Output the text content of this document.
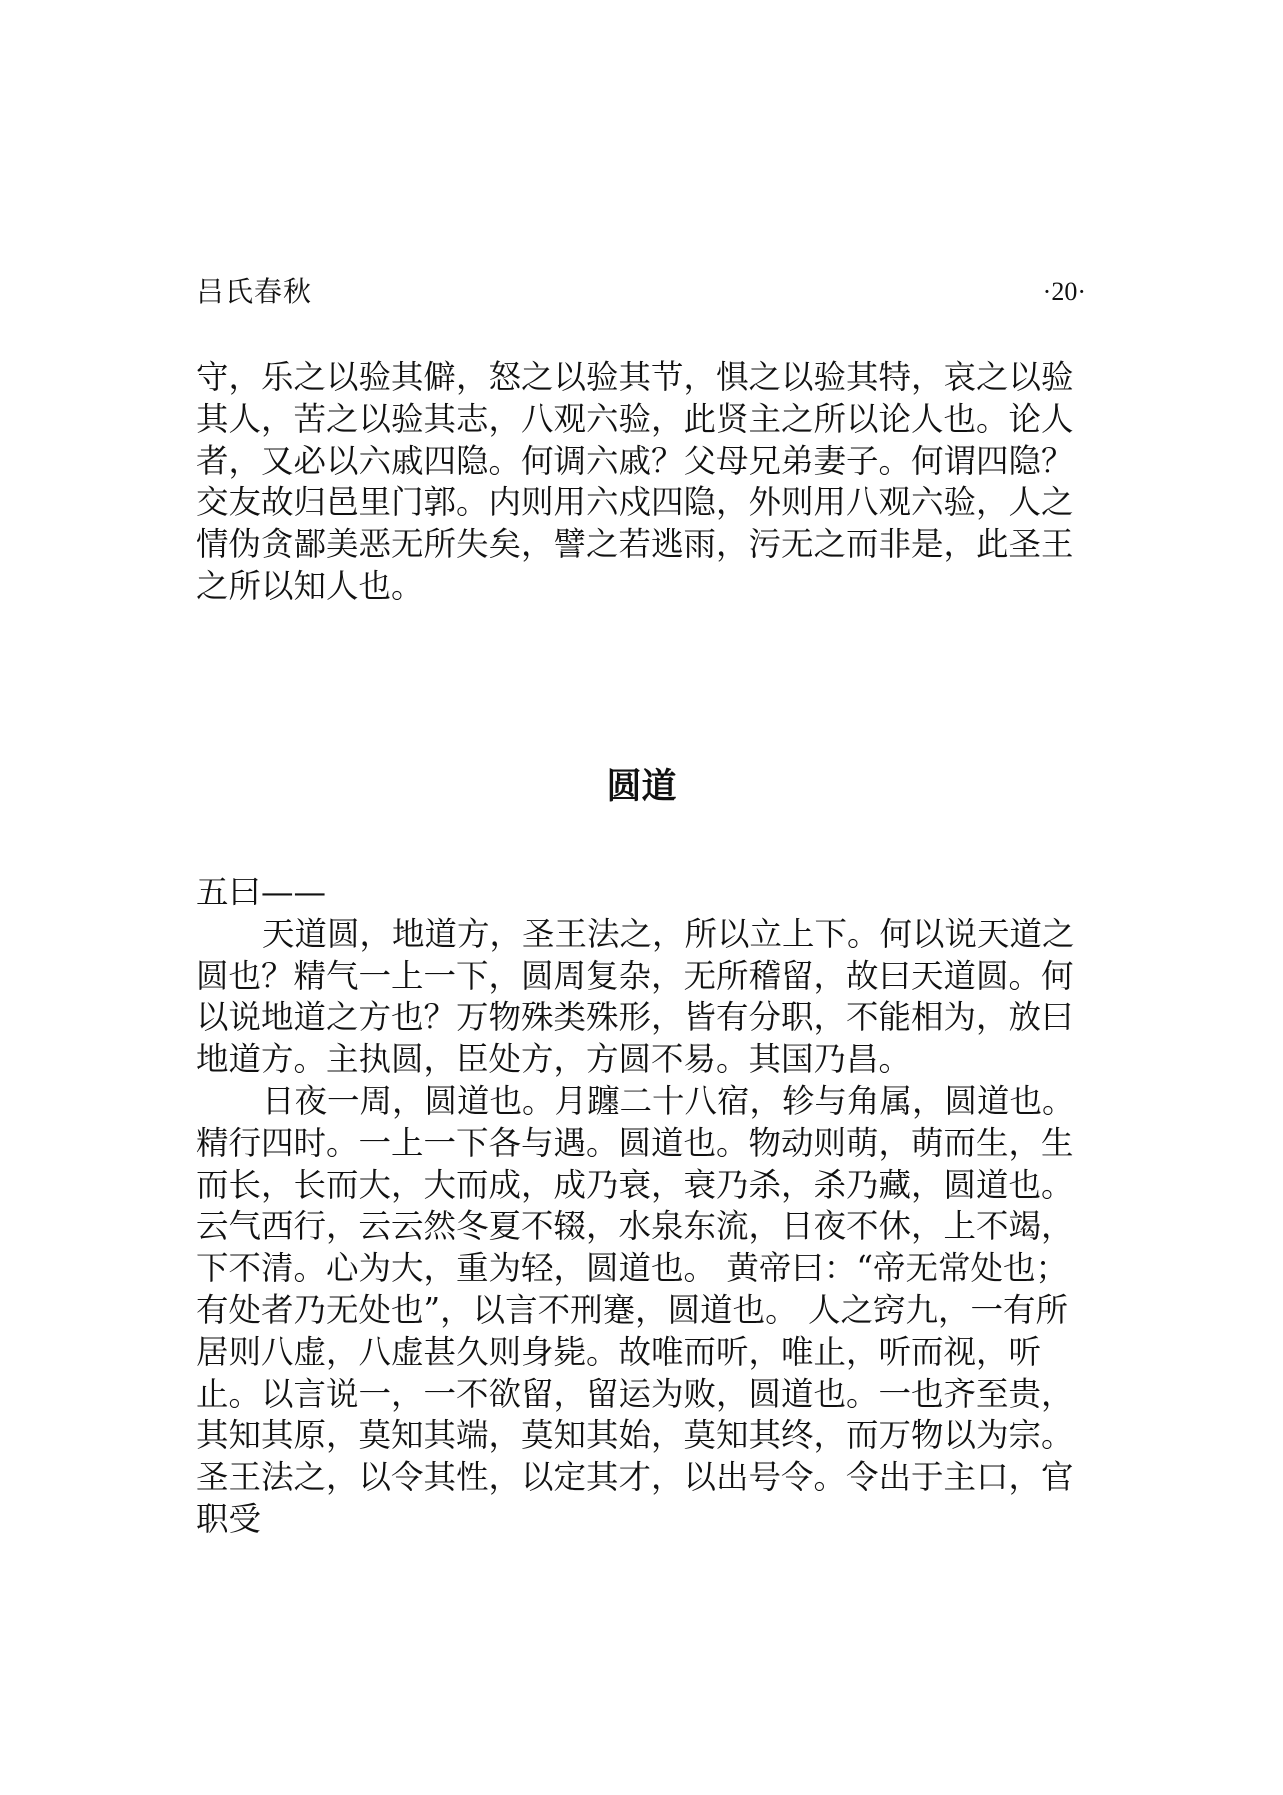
吕氏春秋	·20·

守，乐之以验其僻，怒之以验其节，惧之以验其特，哀之以验其人，苦之以验其志，八观六验，此贤主之所以论人也。论人者，又必以六戚四隐。何调六戚？父母兄弟妻子。何谓四隐？交友故归邑里门郭。内则用六戍四隐，外则用八观六验，人之情伪贪鄙美恶无所失矣，譬之若逃雨，污无之而非是，此圣王之所以知人也。

圆道

五曰——

天道圆，地道方，圣王法之，所以立上下。何以说天道之圆也？精气一上一下，圆周复杂，无所稽留，故曰天道圆。何以说地道之方也？万物殊类殊形，皆有分职，不能相为，放曰地道方。主执圆，臣处方，方圆不易。其国乃昌。

日夜一周，圆道也。月躔二十八宿，轸与角属，圆道也。精行四时。一上一下各与遇。圆道也。物动则萌，萌而生，生而长，长而大，大而成，成乃衰，衰乃杀，杀乃藏，圆道也。云气西行，云云然冬夏不辍，水泉东流，日夜不休，上不竭，下不清。心为大，重为轻，圆道也。 黄帝曰：“帝无常处也；有处者乃无处也”，以言不刑蹇，圆道也。 人之窍九，一有所居则八虚，八虚甚久则身毙。故唯而听，唯止，听而视，听止。以言说一，一不欲留，留运为败，圆道也。一也齐至贵，其知其原，莫知其端，莫知其始，莫知其终，而万物以为宗。圣王法之，以令其性，以定其才，以出号令。令出于主口，官职受
